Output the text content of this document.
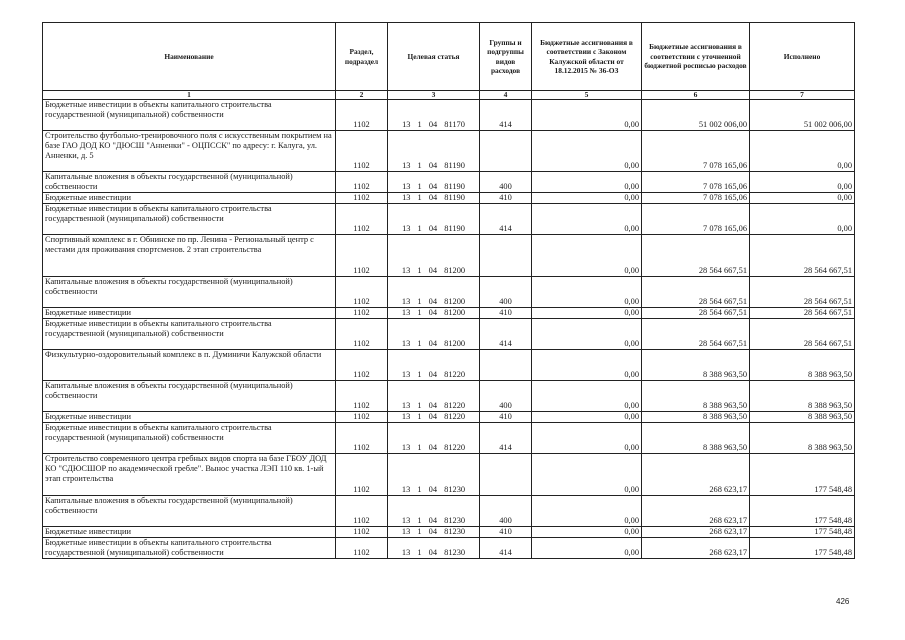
Наименование	Раздел, подраздел	Целевая статья	Группы и подгруппы видов расходов	Бюджетные ассигнования в соответствии с Законом Калужской области от 18.12.2015 № 36-ОЗ	Бюджетные ассигнования в соответствии с уточненной бюджетной росписью расходов	Исполнено
1	2	3	4	5	6	7
Бюджетные инвестиции в объекты капитального строительства государственной (муниципальной) собственности	1102	13 1 04 81170	414	0,00	51 002 006,00	51 002 006,00
Строительство футбольно-тренировочного поля с искусственным покрытием на базе ГАО ДОД КО "ДЮСШ "Анненки" - ОЦПССК" по адресу: г. Калуга, ул. Анненки, д. 5	1102	13 1 04 81190		0,00	7 078 165,06	0,00
Капитальные вложения в объекты государственной (муниципальной) собственности	1102	13 1 04 81190	400	0,00	7 078 165,06	0,00
Бюджетные инвестиции	1102	13 1 04 81190	410	0,00	7 078 165,06	0,00
Бюджетные инвестиции в объекты капитального строительства государственной (муниципальной) собственности	1102	13 1 04 81190	414	0,00	7 078 165,06	0,00
Спортивный комплекс в г. Обнинске по пр. Ленина - Региональный центр с местами для проживания спортсменов. 2 этап строительства	1102	13 1 04 81200		0,00	28 564 667,51	28 564 667,51
Капитальные вложения в объекты государственной (муниципальной) собственности	1102	13 1 04 81200	400	0,00	28 564 667,51	28 564 667,51
Бюджетные инвестиции	1102	13 1 04 81200	410	0,00	28 564 667,51	28 564 667,51
Бюджетные инвестиции в объекты капитального строительства государственной (муниципальной) собственности	1102	13 1 04 81200	414	0,00	28 564 667,51	28 564 667,51
Физкультурно-оздоровительный комплекс в п. Думиничи Калужской области	1102	13 1 04 81220		0,00	8 388 963,50	8 388 963,50
Капитальные вложения в объекты государственной (муниципальной) собственности	1102	13 1 04 81220	400	0,00	8 388 963,50	8 388 963,50
Бюджетные инвестиции	1102	13 1 04 81220	410	0,00	8 388 963,50	8 388 963,50
Бюджетные инвестиции в объекты капитального строительства государственной (муниципальной) собственности	1102	13 1 04 81220	414	0,00	8 388 963,50	8 388 963,50
Строительство современного центра гребных видов спорта на базе ГБОУ ДОД КО "СДЮСШОР по академической гребле". Вынос участка ЛЭП 110 кв. 1-ый этап строительства	1102	13 1 04 81230		0,00	268 623,17	177 548,48
Капитальные вложения в объекты государственной (муниципальной) собственности	1102	13 1 04 81230	400	0,00	268 623,17	177 548,48
Бюджетные инвестиции	1102	13 1 04 81230	410	0,00	268 623,17	177 548,48
Бюджетные инвестиции в объекты капитального строительства государственной (муниципальной) собственности	1102	13 1 04 81230	414	0,00	268 623,17	177 548,48
426
